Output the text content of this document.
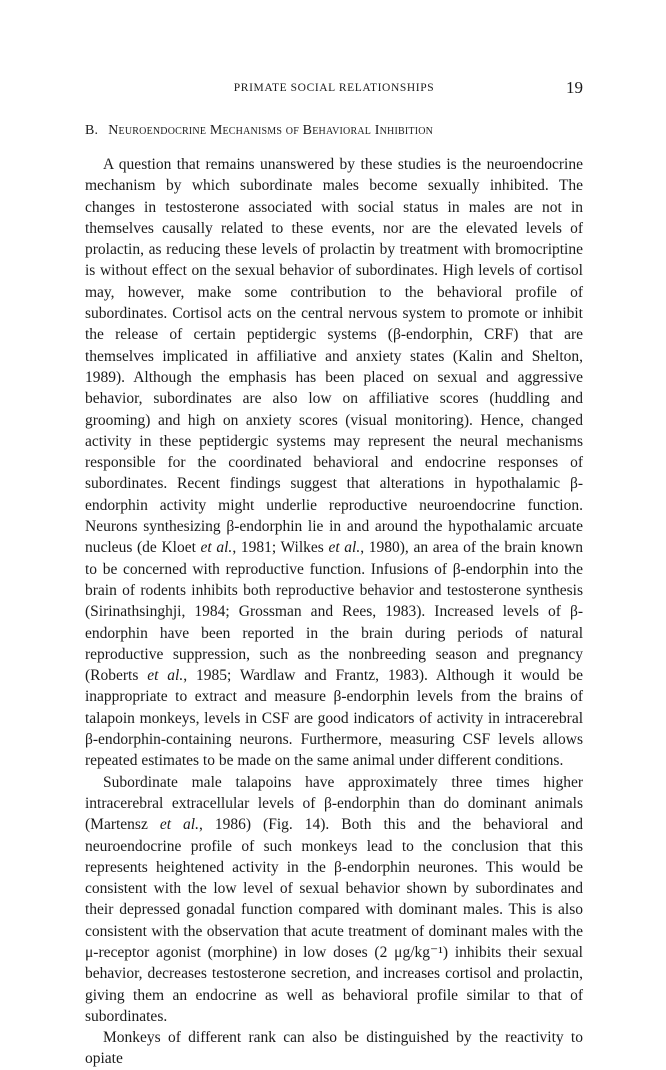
PRIMATE SOCIAL RELATIONSHIPS	19
B. Neuroendocrine Mechanisms of Behavioral Inhibition

A question that remains unanswered by these studies is the neuroendocrine mechanism by which subordinate males become sexually inhibited. The changes in testosterone associated with social status in males are not in themselves causally related to these events, nor are the elevated levels of prolactin, as reducing these levels of prolactin by treatment with bromocriptine is without effect on the sexual behavior of subordinates. High levels of cortisol may, however, make some contribution to the behavioral profile of subordinates. Cortisol acts on the central nervous system to promote or inhibit the release of certain peptidergic systems (β-endorphin, CRF) that are themselves implicated in affiliative and anxiety states (Kalin and Shelton, 1989). Although the emphasis has been placed on sexual and aggressive behavior, subordinates are also low on affiliative scores (huddling and grooming) and high on anxiety scores (visual monitoring). Hence, changed activity in these peptidergic systems may represent the neural mechanisms responsible for the coordinated behavioral and endocrine responses of subordinates. Recent findings suggest that alterations in hypothalamic β-endorphin activity might underlie reproductive neuroendocrine function. Neurons synthesizing β-endorphin lie in and around the hypothalamic arcuate nucleus (de Kloet et al., 1981; Wilkes et al., 1980), an area of the brain known to be concerned with reproductive function. Infusions of β-endorphin into the brain of rodents inhibits both reproductive behavior and testosterone synthesis (Sirinathsinghji, 1984; Grossman and Rees, 1983). Increased levels of β-endorphin have been reported in the brain during periods of natural reproductive suppression, such as the nonbreeding season and pregnancy (Roberts et al., 1985; Wardlaw and Frantz, 1983). Although it would be inappropriate to extract and measure β-endorphin levels from the brains of talapoin monkeys, levels in CSF are good indicators of activity in intracerebral β-endorphin-containing neurons. Furthermore, measuring CSF levels allows repeated estimates to be made on the same animal under different conditions.

Subordinate male talapoins have approximately three times higher intracerebral extracellular levels of β-endorphin than do dominant animals (Martensz et al., 1986) (Fig. 14). Both this and the behavioral and neuroendocrine profile of such monkeys lead to the conclusion that this represents heightened activity in the β-endorphin neurones. This would be consistent with the low level of sexual behavior shown by subordinates and their depressed gonadal function compared with dominant males. This is also consistent with the observation that acute treatment of dominant males with the μ-receptor agonist (morphine) in low doses (2 μg/kg⁻¹) inhibits their sexual behavior, decreases testosterone secretion, and increases cortisol and prolactin, giving them an endocrine as well as behavioral profile similar to that of subordinates.

Monkeys of different rank can also be distinguished by the reactivity to opiate
